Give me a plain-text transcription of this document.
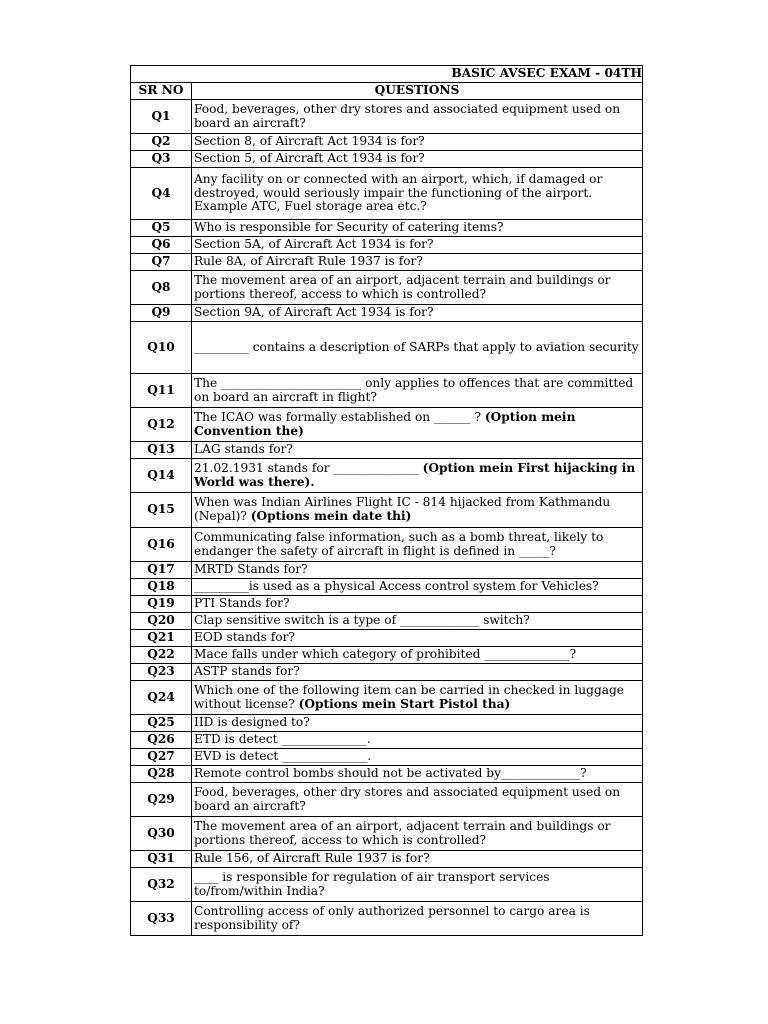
BASIC AVSEC EXAM - 04TH	
SR NO	QUESTIONS
Q1	Food, beverages, other dry stores and associated equipment used on board an aircraft?
Q2	Section 8, of Aircraft Act 1934 is for?
Q3	Section 5, of Aircraft Act 1934 is for?
Q4	Any facility on or connected with an airport, which, if damaged or destroyed, would seriously impair the functioning of the airport. Example ATC, Fuel storage area etc.?
Q5	Who is responsible for Security of catering items?
Q6	Section 5A, of Aircraft Act 1934 is for?
Q7	Rule 8A, of Aircraft Rule 1937 is for?
Q8	The movement area of an airport, adjacent terrain and buildings or portions thereof, access to which is controlled?
Q9	Section 9A, of Aircraft Act 1934 is for?
Q10	_________ contains a description of SARPs that apply to aviation security
Q11	The _______________________ only applies to offences that are committed on board an aircraft in flight?
Q12	The ICAO was formally established on ______ ? (Option mein Convention the)
Q13	LAG stands for?
Q14	21.02.1931 stands for ______________ (Option mein First hijacking in World was there).
Q15	When was Indian Airlines Flight IC - 814 hijacked from Kathmandu (Nepal)? (Options mein date thi)
Q16	Communicating false information, such as a bomb threat, likely to endanger the safety of aircraft in flight is defined in _____?
Q17	MRTD Stands for?
Q18	_________is used as a physical Access control system for Vehicles?
Q19	PTI Stands for?
Q20	Clap sensitive switch is a type of _____________ switch?
Q21	EOD stands for?
Q22	Mace falls under which category of prohibited ______________?
Q23	ASTP stands for?
Q24	Which one of the following item can be carried in checked in luggage without license? (Options mein Start Pistol tha)
Q25	IID is designed to?
Q26	ETD is detect ______________.
Q27	EVD is detect ______________.
Q28	Remote control bombs should not be activated by_____________?
Q29	Food, beverages, other dry stores and associated equipment used on board an aircraft?
Q30	The movement area of an airport, adjacent terrain and buildings or portions thereof, access to which is controlled?
Q31	Rule 156, of Aircraft Rule 1937 is for?
Q32	____ is responsible for regulation of air transport services to/from/within India?
Q33	Controlling access of only authorized personnel to cargo area is responsibility of?
